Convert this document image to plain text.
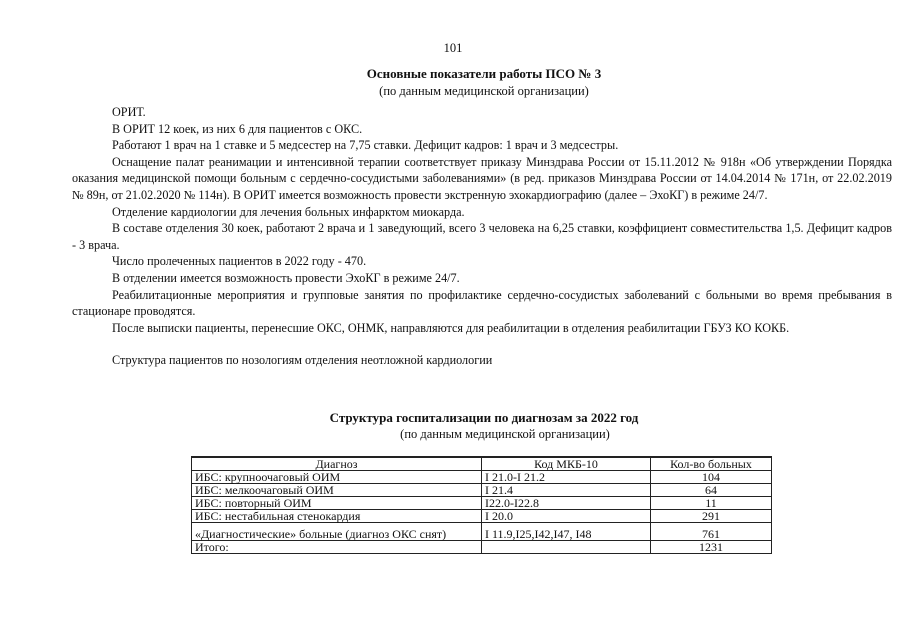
101
Основные показатели работы ПСО № 3
(по данным медицинской организации)

ОРИТ.

В ОРИТ 12 коек, из них 6 для пациентов с ОКС.

Работают 1 врач на 1 ставке и 5 медсестер на 7,75 ставки. Дефицит кадров: 1 врач и 3 медсестры.

Оснащение палат реанимации и интенсивной терапии соответствует приказу Минздрава России от 15.11.2012 № 918н «Об утверждении Порядка оказания медицинской помощи больным с сердечно-сосудистыми заболеваниями» (в ред. приказов Минздрава России от 14.04.2014 № 171н, от 22.02.2019 № 89н, от 21.02.2020 № 114н). В ОРИТ имеется возможность провести экстренную эхокардиографию (далее – ЭхоКГ) в режиме 24/7.

Отделение кардиологии для лечения больных инфарктом миокарда.

В составе отделения 30 коек, работают 2 врача и 1 заведующий, всего 3 человека на 6,25 ставки, коэффициент совместительства 1,5. Дефицит кадров - 3 врача.

Число пролеченных пациентов в 2022 году - 470.

В отделении имеется возможность провести ЭхоКГ в режиме 24/7.

Реабилитационные мероприятия и групповые занятия по профилактике сердечно-сосудистых заболеваний с больными во время пребывания в стационаре проводятся.

После выписки пациенты, перенесшие ОКС, ОНМК, направляются для реабилитации в отделения реабилитации ГБУЗ КО КОКБ.

Структура пациентов по нозологиям отделения неотложной кардиологии

Структура госпитализации по диагнозам за 2022 год
(по данным медицинской организации)
Диагноз	Код МКБ-10	Кол-во больных
ИБС: крупноочаговый ОИМ	I 21.0-I 21.2	104
ИБС: мелкоочаговый ОИМ	I 21.4	64
ИБС: повторный ОИМ	I22.0-I22.8	11
ИБС: нестабильная стенокардия	I 20.0	291
«Диагностические» больные (диагноз ОКС снят)	I 11.9,I25,I42,I47, I48	761
Итого:		1231
